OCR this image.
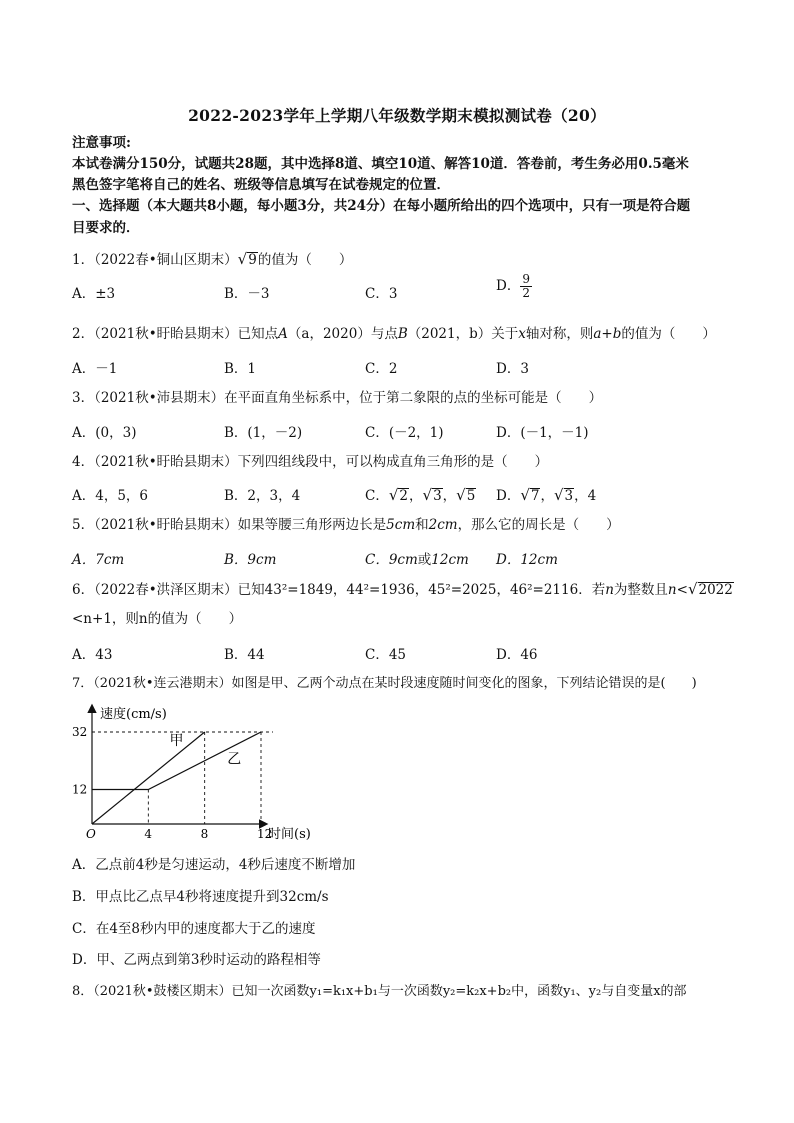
2022-2023学年上学期八年级数学期末模拟测试卷（20）
注意事项:
本试卷满分150分，试题共28题，其中选择8道、填空10道、解答10道．答卷前，考生务必用0.5毫米
黑色签字笔将自己的姓名、班级等信息填写在试卷规定的位置．
一、选择题（本大题共8小题，每小题3分，共24分）在每小题所给出的四个选项中，只有一项是符合题
目要求的．
1．（2022春•铜山区期末）√9的值为（　　）
A．±3	B．－3	C．3	D． $\frac{9}{2}$
2．（2021秋•盱眙县期末）已知点A（a，2020）与点B（2021，b）关于x轴对称，则a+b的值为（　　）
A．－1	B．1	C．2	D．3
3．（2021秋•沛县期末）在平面直角坐标系中，位于第二象限的点的坐标可能是（　　）
A．(0，3)	B．(1，－2)	C．(－2，1)	D．(－1，－1)
4．（2021秋•盱眙县期末）下列四组线段中，可以构成直角三角形的是（　　）
A．4，5，6	B．2，3，4	C．√2，√3，√5 D．√7，√3，4
5．（2021秋•盱眙县期末）如果等腰三角形两边长是5cm和2cm，那么它的周长是（　　）
A．7cm	B．9cm	C．9cm或12cm D．12cm
6．（2022春•洪泽区期末）已知43²=1849，44²=1936，45²=2025，46²=2116．若n为整数且n<√2022
<n+1，则n的值为（　　）
A．43	B．44	C．45	D．46
7．（2021秋•连云港期末）如图是甲、乙两个动点在某时段速度随时间变化的图象，下列结论错误的是(　　)
速度(cm/s)
时间(s)
O	4	8	12
12
32
甲
乙
A．乙点前4秒是匀速运动，4秒后速度不断增加
B．甲点比乙点早4秒将速度提升到32cm/s
C．在4至8秒内甲的速度都大于乙的速度
D．甲、乙两点到第3秒时运动的路程相等
8．（2021秋•鼓楼区期末）已知一次函数y₁=k₁x+b₁与一次函数y₂=k₂x+b₂中，函数y₁、y₂与自变量x的部
